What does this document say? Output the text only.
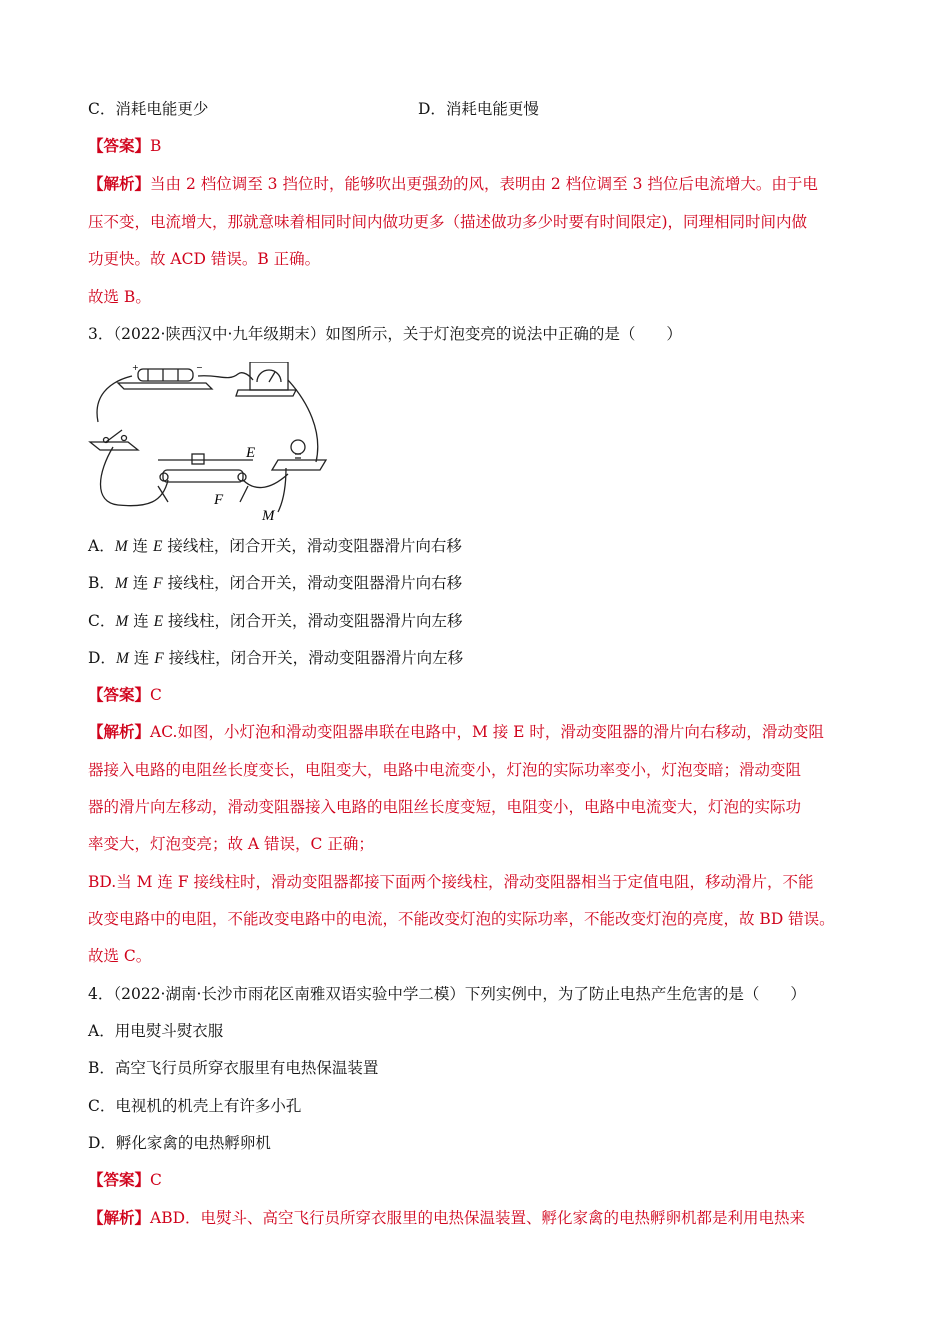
C．消耗电能更少	D．消耗电能更慢
【答案】B
【解析】当由 2 档位调至 3 挡位时，能够吹出更强劲的风，表明由 2 档位调至 3 挡位后电流增大。由于电
压不变，电流增大，那就意味着相同时间内做功更多（描述做功多少时要有时间限定)，同理相同时间内做
功更快。故 ACD 错误。B 正确。
故选 B。
3．（2022·陕西汉中·九年级期末）如图所示，关于灯泡变亮的说法中正确的是（　　）
E
F
M
+	−
A．M 连 E 接线柱，闭合开关，滑动变阻器滑片向右移
B．M 连 F 接线柱，闭合开关，滑动变阻器滑片向右移
C．M 连 E 接线柱，闭合开关，滑动变阻器滑片向左移
D．M 连 F 接线柱，闭合开关，滑动变阻器滑片向左移
【答案】C
【解析】AC.如图，小灯泡和滑动变阻器串联在电路中，M 接 E 时，滑动变阻器的滑片向右移动，滑动变阻
器接入电路的电阻丝长度变长，电阻变大，电路中电流变小，灯泡的实际功率变小，灯泡变暗；滑动变阻
器的滑片向左移动，滑动变阻器接入电路的电阻丝长度变短，电阻变小，电路中电流变大，灯泡的实际功
率变大，灯泡变亮；故 A 错误，C 正确；
BD.当 M 连 F 接线柱时，滑动变阻器都接下面两个接线柱，滑动变阻器相当于定值电阻，移动滑片，不能
改变电路中的电阻，不能改变电路中的电流，不能改变灯泡的实际功率，不能改变灯泡的亮度，故 BD 错误。
故选 C。
4．（2022·湖南·长沙市雨花区南雅双语实验中学二模）下列实例中，为了防止电热产生危害的是（　　）
A．用电熨斗熨衣服
B．高空飞行员所穿衣服里有电热保温装置
C．电视机的机壳上有许多小孔
D．孵化家禽的电热孵卵机
【答案】C
【解析】ABD．电熨斗、高空飞行员所穿衣服里的电热保温装置、孵化家禽的电热孵卵机都是利用电热来
